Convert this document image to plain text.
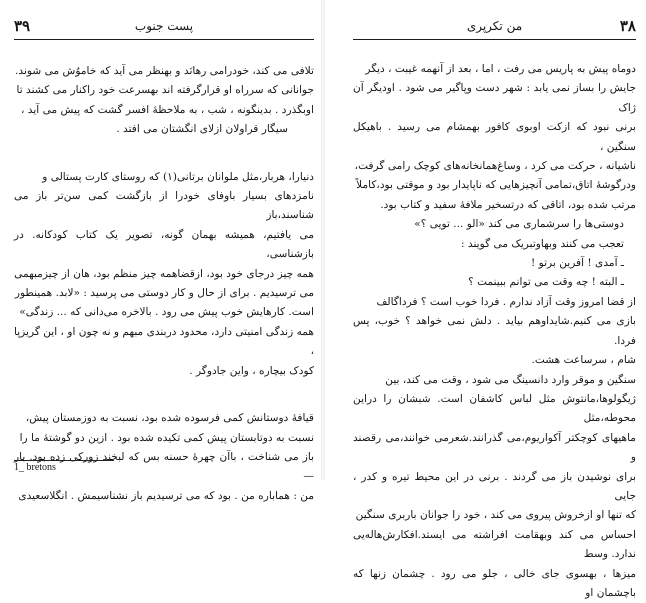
۳۹	پست جنوب

تلافی می کند، خودرامی رهانَد و بهنظر می آید که خاموُش می شوند.

جوانانی که سرراه او قرارگرفته اند بهسرعت خود راکنار می کشند تا

اوبگذرد . بدینگونه ، شب ، به ملاحظهٔ افسر گشت که پیش می آید ،

سیگار قراولان ازلای انگشتان می افتد .

دنیارا، هربار،مثل ملوانان برتانی(۱) که روستای کارت پستالی و

نامزدهای بسیار باوفای خودرا از بازگشت کمی سن‌تر باز می شناسند،باز

می یافتیم، همیشه بهمان گونه، تصویر یک کتاب کودکانه. در بازشناسی،

همه چیز درجای خود بود، ازقضاهمه چیز منظم بود، هان از چیزمبهمی

می ترسیدیم . برای از حال و کار دوستی می پرسید : «لابد. همینطور

است. کارهایش خوب پیش می رود . بالاخره می‌دانی که ... زندگی»

همه زندگی امنیتی دارد، محدود دربندی مبهم و نه چون او ، این گریزپا ،

کودک بیچاره ، واین جادوگر .

قیافهٔ دوستانش کمی فرسوده شده بود، نسبت به دوزمستان پیش،

نسبت به دوتابستان پیش کمی تکیده شده بود . ازین دو گوشتهٔ ما را

باز می شناخت ، باآن چهرهٔ حسنه بس که لبخند زورکی زده بود. بار—

من : هماباره من . بود که می ترسیدیم باز نشناسیمش . انگلاسعیدی

1_ bretons
۳۸
من تکرپری

دوماه پیش به پاریس می رفت ، اما ، بعد از آنهمه غیبت ، دیگر

جایش را بساز نمی یابد : شهر دست وپاگیر می شود . اودیگر آن ژاک

برنی نبود که ازکت اوبوی کافور بهمشام می رسید . باهیکل سنگین ،

ناشیانه ، حرکت می کرد ، وساغ‌همانخانه‌های کوچک رامی گرفت،

ودرگوشهٔ اتاق،تمامی آنچیزهایی که ناپایدار بود و موقتی بود،کاملاً

مرتب شده بود، اتاقی که درتسخیر ملافهٔ سفید و کتاب بود.

دوستی‌ها را سرشماری می کند «الو ... تویی ؟»

تعجب می کنند وبهاوتبریک می گویند :

ـ آمدی ! آفرین برتو !

ـ البته ! چه وقت می توانم ببینمت ؟

از قضا امروز وقت آزاد ندارم . فردا خوب است ؟ فرداگالف

بازی می کنیم.شایداوهم بیاید . دلش نمی خواهد ؟ خوب، پس فردا.

شام ، سرساعت هشت.

سنگین و موقر وارد دانسینگ می شود ، وقت می کند، بین

ژیگولوها،مانتوش مثل لباس کاشفان است. شبشان را دراین محوطه،مثل

ماهیهای کوچکتر آکواریوم،می گذرانند.شعرمی خوانند،می رقصند و

برای نوشیدن باز می گردند . برنی در این محیط تیره و کدر ، جایی

که تنها او ازخروش پیروی می کند ، خود را جوانان باربری سنگین

احساس می کند وبهقامت افراشته می ایستد.افکارش‌هاله‌یی ندارد. وسط

میزها ، بهسوی جای خالی ، جلو می رود . چشمان زنها که باچشمان او
